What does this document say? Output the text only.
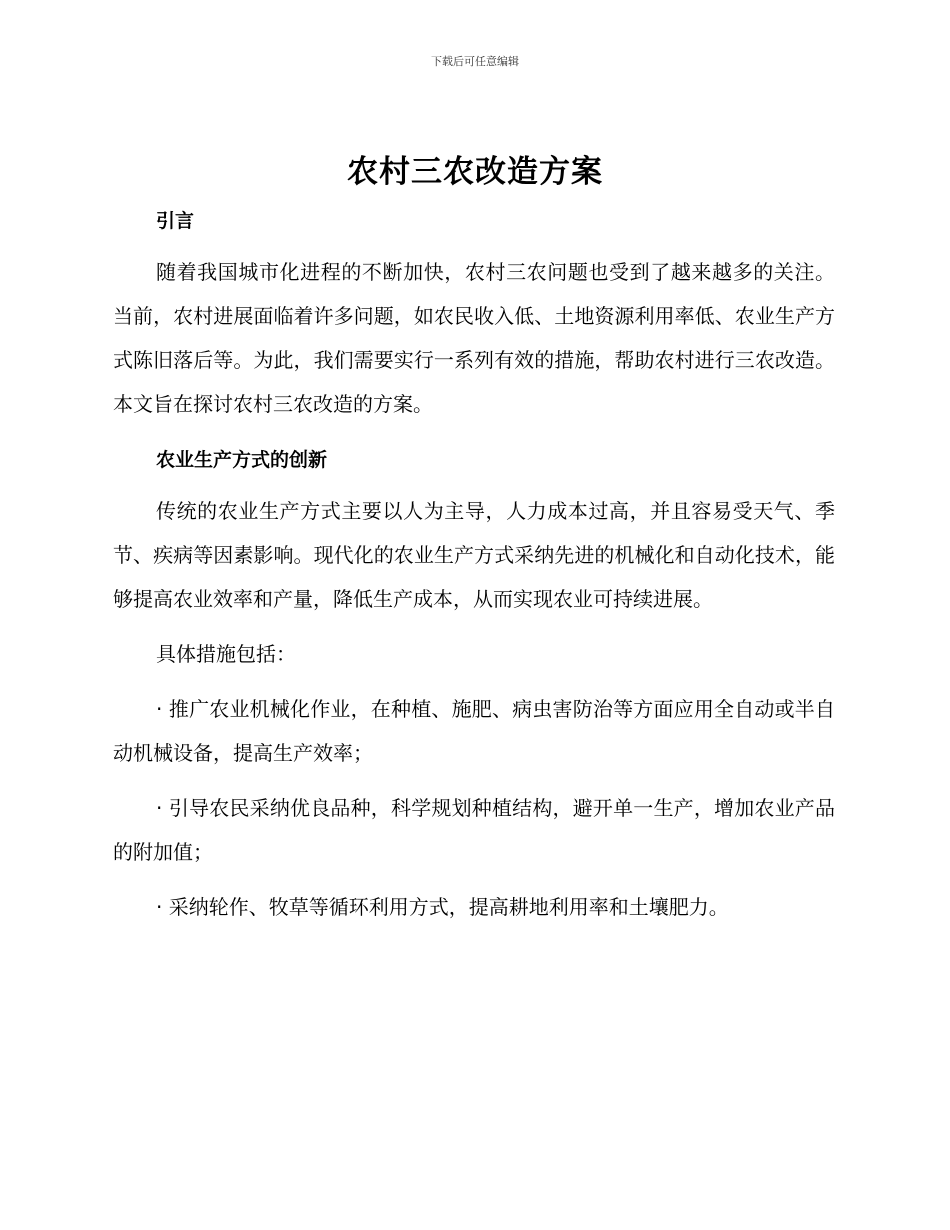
下载后可任意编辑
农村三农改造方案
引言

随着我国城市化进程的不断加快，农村三农问题也受到了越来越多的关注。当前，农村进展面临着许多问题，如农民收入低、土地资源利用率低、农业生产方式陈旧落后等。为此，我们需要实行一系列有效的措施，帮助农村进行三农改造。本文旨在探讨农村三农改造的方案。

农业生产方式的创新

传统的农业生产方式主要以人为主导，人力成本过高，并且容易受天气、季节、疾病等因素影响。现代化的农业生产方式采纳先进的机械化和自动化技术，能够提高农业效率和产量，降低生产成本，从而实现农业可持续进展。

具体措施包括：

· 推广农业机械化作业，在种植、施肥、病虫害防治等方面应用全自动或半自动机械设备，提高生产效率；

· 引导农民采纳优良品种，科学规划种植结构，避开单一生产，增加农业产品的附加值；

· 采纳轮作、牧草等循环利用方式，提高耕地利用率和土壤肥力。
